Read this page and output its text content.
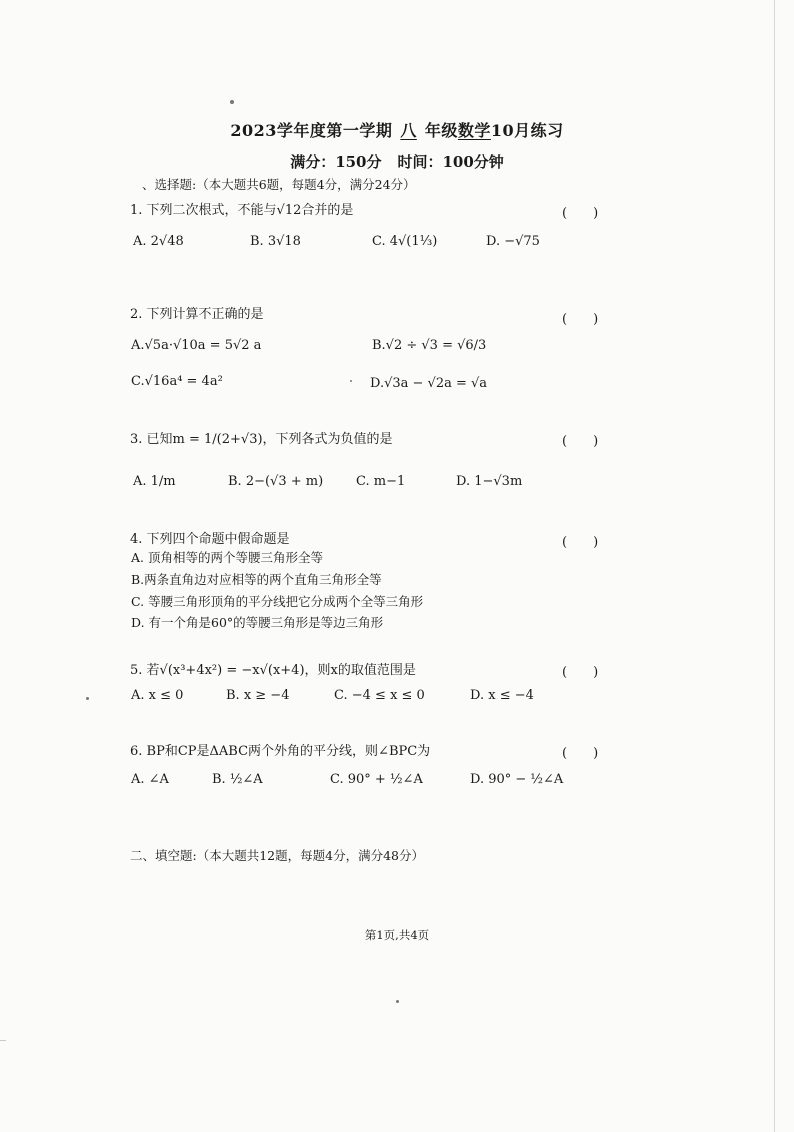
2023学年度第一学期 八 年级数学10月练习
满分：150分 时间：100分钟
、选择题:（本大题共6题，每题4分，满分24分）
1. 下列二次根式，不能与√12合并的是	(　　)
A. 2√48	B. 3√18	C. 4√(1⅓)	D. −√75
2. 下列计算不正确的是	(　　)
A.√5a·√10a = 5√2 a	B.√2 ÷ √3 = √6/3
C.√16a⁴ = 4a²	D.√3a − √2a = √a
3. 已知m = 1/(2+√3)，下列各式为负值的是	(　　)
A. 1/m	B. 2−(√3 + m)	C. m−1	D. 1−√3m
4. 下列四个命题中假命题是	(　　)
A. 顶角相等的两个等腰三角形全等
B.两条直角边对应相等的两个直角三角形全等
C. 等腰三角形顶角的平分线把它分成两个全等三角形
D. 有一个角是60°的等腰三角形是等边三角形
5. 若√(x³+4x²) = −x√(x+4)，则x的取值范围是	(　　)
A. x ≤ 0	B. x ≥ −4	C. −4 ≤ x ≤ 0	D. x ≤ −4
6. BP和CP是ΔABC两个外角的平分线，则∠BPC为	(　　)
A. ∠A	B. ½∠A	C. 90° + ½∠A	D. 90° − ½∠A
二、填空题:（本大题共12题，每题4分，满分48分）
第1页,共4页
